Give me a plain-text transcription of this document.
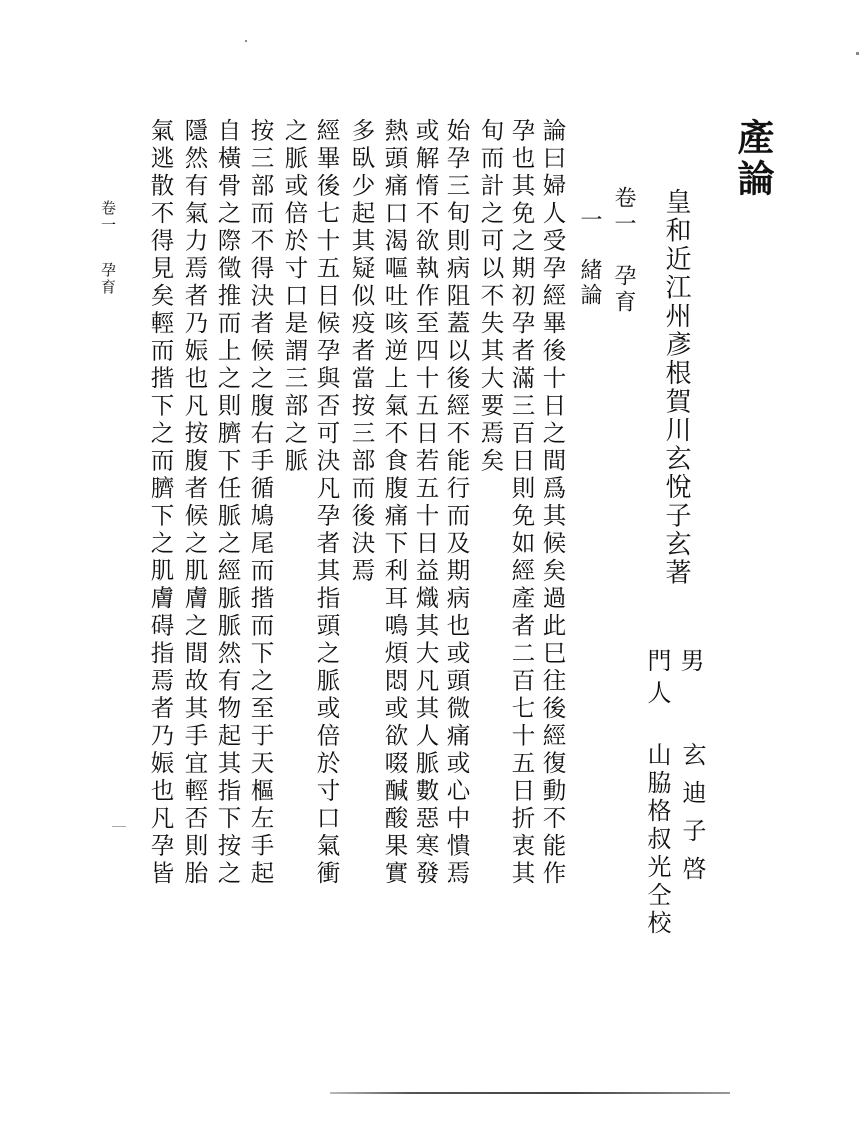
產論
皇和近江州彥根賀川玄悅子玄著
男
玄迪子啓
門人
山脇格叔光仝校
卷一　孕育
一　緒論
論曰婦人受孕經畢後十日之間爲其候矣過此巳往後經復動不能作
孕也其免之期初孕者滿三百日則免如經產者二百七十五日折衷其
旬而計之可以不失其大要焉矣
始孕三旬則病阻蓋以後經不能行而及期病也或頭微痛或心中憒焉
或解惰不欲執作至四十五日若五十日益熾其大凡其人脈數惡寒發
熱頭痛口渴嘔吐咳逆上氣不食腹痛下利耳鳴煩悶或欲啜醎酸果實
多臥少起其疑似疫者當按三部而後決焉
經畢後七十五日候孕與否可決凡孕者其指頭之脈或倍於寸口氣衝
之脈或倍於寸口是謂三部之脈
按三部而不得決者候之腹右手循鳩尾而揩而下之至于天樞左手起
自橫骨之際徵推而上之則臍下任脈之經脈脈然有物起其指下按之
隱然有氣力焉者乃娠也凡按腹者候之肌膚之間故其手宜輕否則胎
氣逃散不得見矣輕而揩下之而臍下之肌膚碍指焉者乃娠也凡孕皆
卷一
孕育
